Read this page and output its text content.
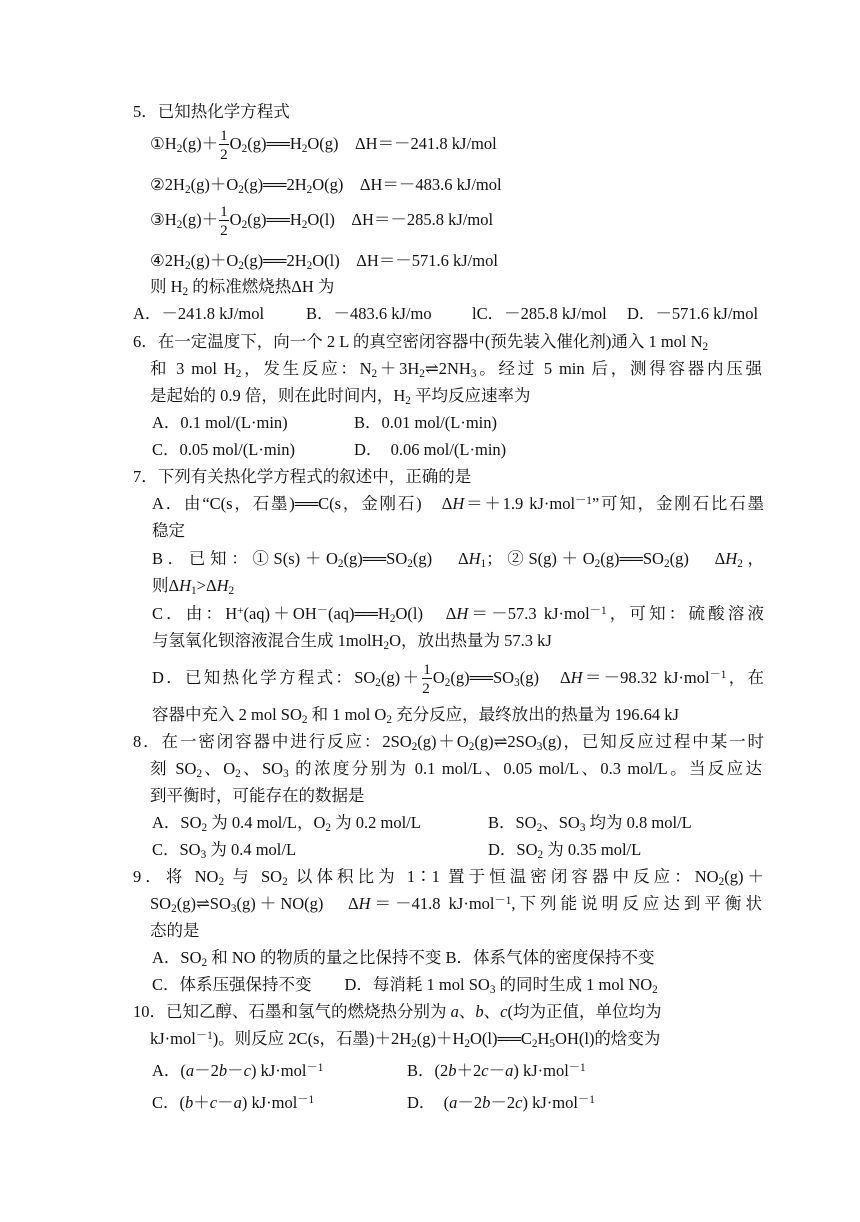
5．已知热化学方程式
$①H_2(g)+ \frac{1}{2}$ $O_2(g)══H_2O(g)$　ΔH＝－241.8 kJ/mol
$②2H_2(g)+O_2(g)══2H_2O(g)$　ΔH＝－483.6 kJ/mol
$③H_2(g)+ \frac{1}{2}$ $O_2(g)══H_2O(l)$　ΔH＝－285.8 kJ/mol
$④2H_2(g)+O_2(g)══2H_2O(l)$　ΔH＝－571.6 kJ/mol
则 $H_2$ 的标准燃烧热ΔH 为
A．－241.8 kJ/mol	B．－483.6 kJ/mo lC．－285.8 kJ/mol D．－571.6 kJ/mol
6．在一定温度下，向一个 2 L 的真空密闭容器中(预先装入催化剂)通入 1 mol $N_2$
和 3 mol $H_2$，发生反应：$N_2+3H_2\rightleftharpoons 2NH_3$。经过 5 min 后，测得容器内压强
是起始的 0.9 倍，则在此时间内，$H_2$ 平均反应速率为
A．0.1 mol/(L·min)	B．0.01 mol/(L·min)
C．0.05 mol/(L·min)	D．　0.06 mol/(L·min)
7．下列有关热化学方程式的叙述中，正确的是
A．由“C(s，石墨)══C(s，金刚石)　ΔH＝＋1.9 kJ·mol$^{-1}$”可知，金刚石比石墨
稳定
B．已知：$①S(s)+O_2(g)══SO_2(g)$　$\Delta H_1$；$②S(g)+O_2(g)══SO_2(g)$　$\Delta H_2$，
则$\Delta H_1>\Delta H_2$
C．由：$H^+(aq)+OH^-(aq)══H_2O(l)$　ΔH＝－57.3 kJ·mol$^{-1}$，可知：硫酸溶液
与氢氧化钡溶液混合生成 1molH$_2$O，放出热量为 57.3 kJ
D．已知热化学方程式：$SO_2(g)+ \frac{1}{2}$ $O_2(g)══SO_3(g)$　ΔH＝－98.32 kJ·mol$^{-1}$，在
容器中充入 2 mol $SO_2$ 和 1 mol $O_2$ 充分反应，最终放出的热量为 196.64 kJ
8．在一密闭容器中进行反应：$2SO_2(g)+O_2(g)\rightleftharpoons 2SO_3(g)$，已知反应过程中某一时
刻 $SO_2$、$O_2$、$SO_3$ 的浓度分别为 0.1 mol/L、0.05 mol/L、0.3 mol/L。当反应达
到平衡时，可能存在的数据是
A．$SO_2$ 为 0.4 mol/L，$O_2$ 为 0.2 mol/L	B．$SO_2$、$SO_3$ 均为 0.8 mol/L
C．$SO_3$ 为 0.4 mol/L	D．$SO_2$ 为 0.35 mol/L
9．将 $NO_2$ 与 $SO_2$ 以体积比为 1∶1 置于恒温密闭容器中反应：$NO_2(g)+$
$SO_2(g)\rightleftharpoons SO_3(g)+NO(g)$　ΔH＝－41.8 kJ·mol$^{-1}$,下列能说明反应达到平衡状
态的是
A．$SO_2$ 和 NO 的物质的量之比保持不变 B．体系气体的密度保持不变
C．体系压强保持不变　　D．每消耗 1 mol $SO_3$ 的同时生成 1 mol $NO_2$
10．已知乙醇、石墨和氢气的燃烧热分别为 a、b、c(均为正值，单位均为
kJ·mol$^{-1}$)。则反应 2C(s，石墨)$+2H_2(g)+H_2O(l)══C_2H_5OH(l)$的焓变为
A．(a－2b－c) kJ·mol$^{-1}$	B．(2b＋2c－a) kJ·mol$^{-1}$
C．(b＋c－a) kJ·mol$^{-1}$	D．　(a－2b－2c) kJ·mol$^{-1}$
